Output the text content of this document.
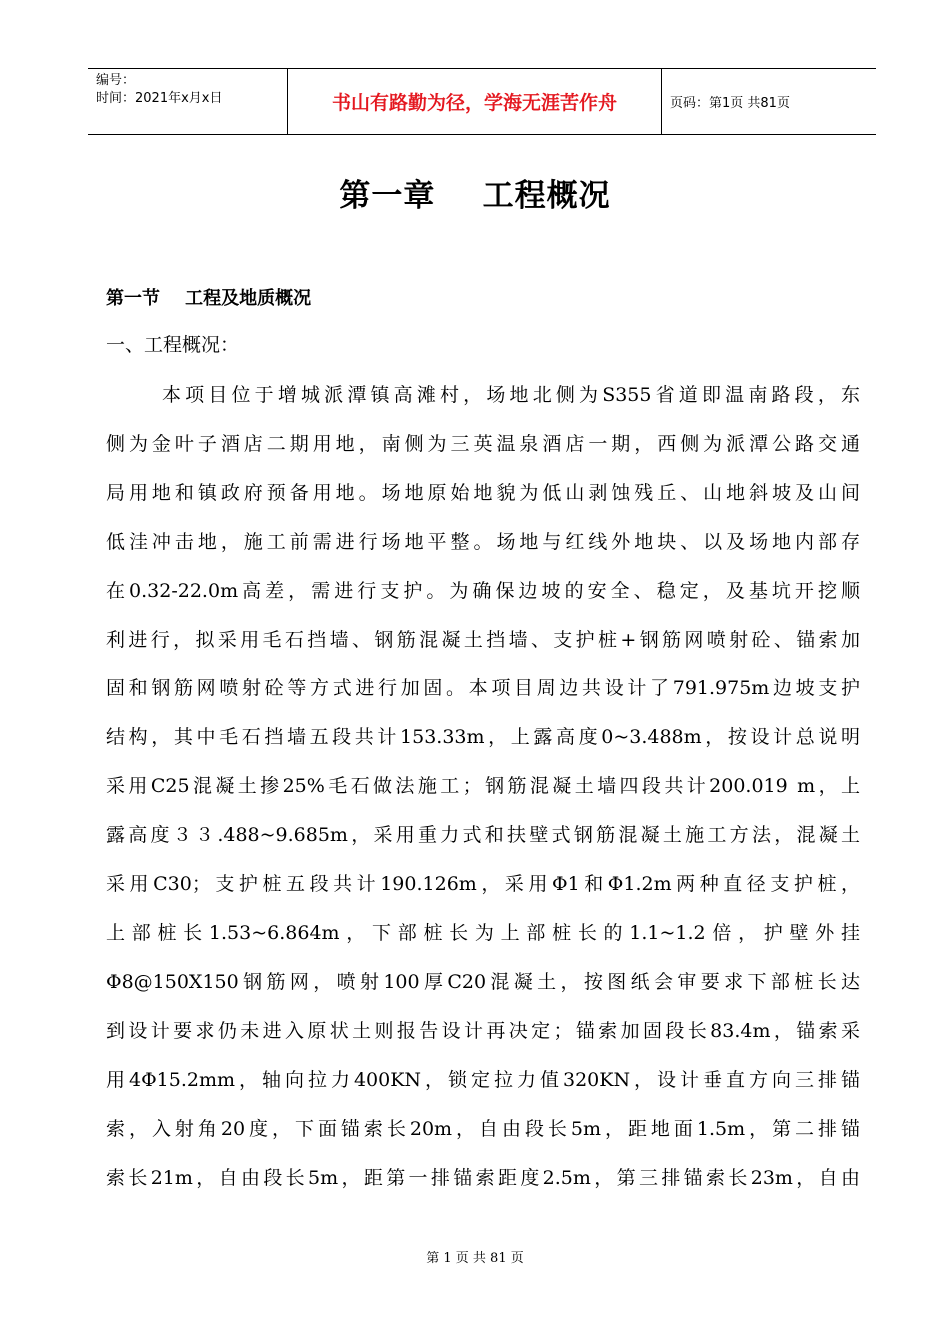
编号：
时间：2021年x月x日	书山有路勤为径，学海无涯苦作舟	页码：第1页 共81页
第一章    工程概况
第一节    工程及地质概况
一、工程概况：
本项目位于增城派潭镇高滩村，场地北侧为S355省道即温南路段，东
侧为金叶子酒店二期用地，南侧为三英温泉酒店一期，西侧为派潭公路交通
局用地和镇政府预备用地。场地原始地貌为低山剥蚀残丘、山地斜坡及山间
低洼冲击地，施工前需进行场地平整。场地与红线外地块、以及场地内部存
在0.32-22.0m高差，需进行支护。为确保边坡的安全、稳定，及基坑开挖顺
利进行，拟采用毛石挡墙、钢筋混凝土挡墙、支护桩+钢筋网喷射砼、锚索加
固和钢筋网喷射砼等方式进行加固。本项目周边共设计了791.975m边坡支护
结构，其中毛石挡墙五段共计153.33m，上露高度0~3.488m，按设计总说明
采用C25混凝土掺25%毛石做法施工；钢筋混凝土墙四段共计200.019 m，上
露高度３３.488~9.685m，采用重力式和扶壁式钢筋混凝土施工方法，混凝土
采用C30；支护桩五段共计190.126m，采用Φ1和Φ1.2m两种直径支护桩，
上部桩长1.53~6.864m，下部桩长为上部桩长的1.1~1.2倍，护壁外挂
Φ8@150X150钢筋网，喷射100厚C20混凝土，按图纸会审要求下部桩长达
到设计要求仍未进入原状土则报告设计再决定；锚索加固段长83.4m，锚索采
用4Φ15.2mm，轴向拉力400KN，锁定拉力值320KN，设计垂直方向三排锚
索，入射角20度，下面锚索长20m，自由段长5m，距地面1.5m，第二排锚
索长21m，自由段长5m，距第一排锚索距度2.5m，第三排锚索长23m，自由
第 1 页 共 81 页
